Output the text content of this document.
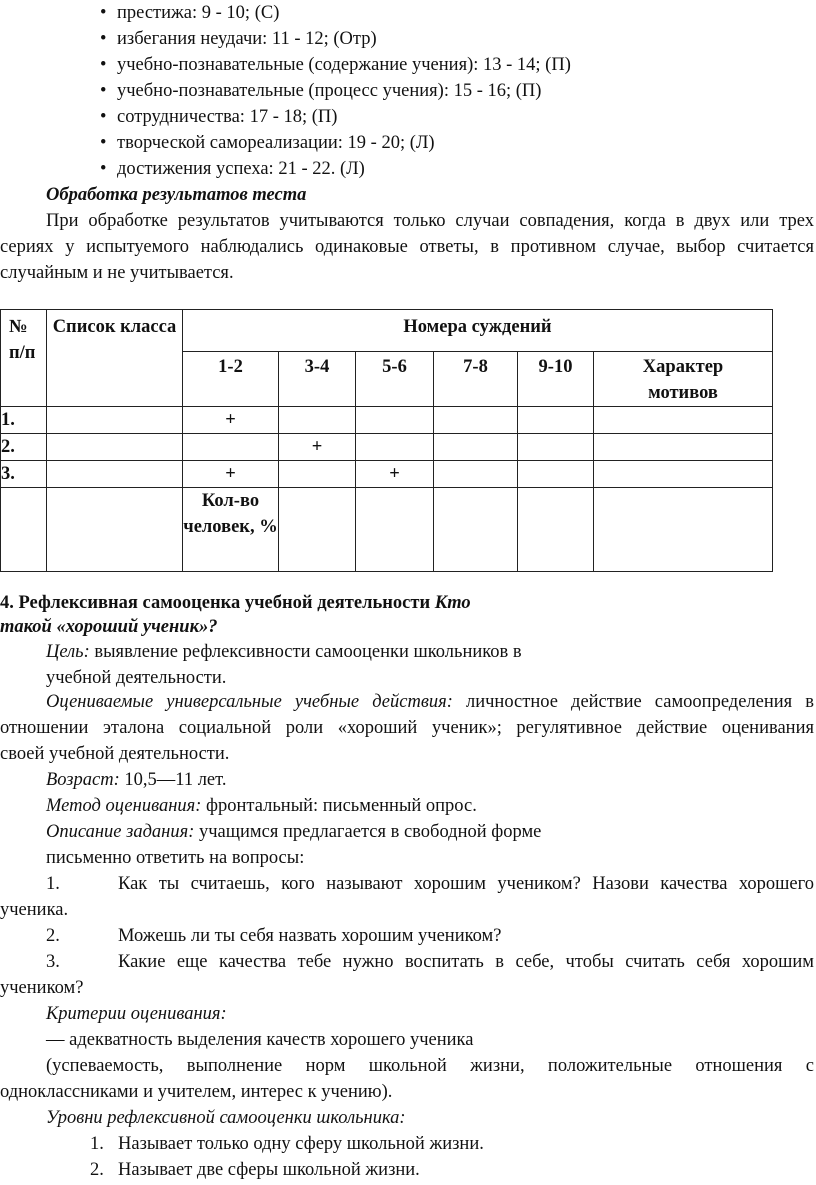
• престижа: 9 - 10; (С)
• избегания неудачи: 11 - 12; (Отр)
• учебно-познавательные (содержание учения): 13 - 14; (П)
• учебно-познавательные (процесс учения): 15 - 16; (П)
• сотрудничества: 17 - 18; (П)
• творческой самореализации: 19 - 20; (Л)
• достижения успеха: 21 - 22. (Л)
Обработка результатов теста
При обработке результатов учитываются только случаи совпадения, когда в двух или трех
сериях у испытуемого наблюдались одинаковые ответы, в противном случае, выбор считается
случайным и не учитывается.
№ п/п	Список класса	Номера суждений					
		1-2	3-4	5-6	7-8	9-10	Характер мотивов
1.		+					
2.			+				
3.		+		+			
		Кол-во человек, %					
4. Рефлексивная самооценка учебной деятельности Кто
такой «хороший ученик»?
Цель: выявление рефлексивности самооценки школьников в
учебной деятельности.
Оцениваемые универсальные учебные действия: личностное действие самоопределения в
отношении эталона социальной роли «хороший ученик»; регулятивное действие оценивания
своей учебной деятельности.
Возраст: 10,5—11 лет.
Метод оценивания: фронтальный: письменный опрос.
Описание задания: учащимся предлагается в свободной форме
письменно ответить на вопросы:
1.	Как ты считаешь, кого называют хорошим учеником? Назови качества хорошего
ученика.
2.	Можешь ли ты себя назвать хорошим учеником?
3.	Какие еще качества тебе нужно воспитать в себе, чтобы считать себя хорошим
учеником?
Критерии оценивания:
— адекватность выделения качеств хорошего ученика
(успеваемость, выполнение норм школьной жизни, положительные отношения с
одноклассниками и учителем, интерес к учению).
Уровни рефлексивной самооценки школьника:
1. Называет только одну сферу школьной жизни.
2. Называет две сферы школьной жизни.
